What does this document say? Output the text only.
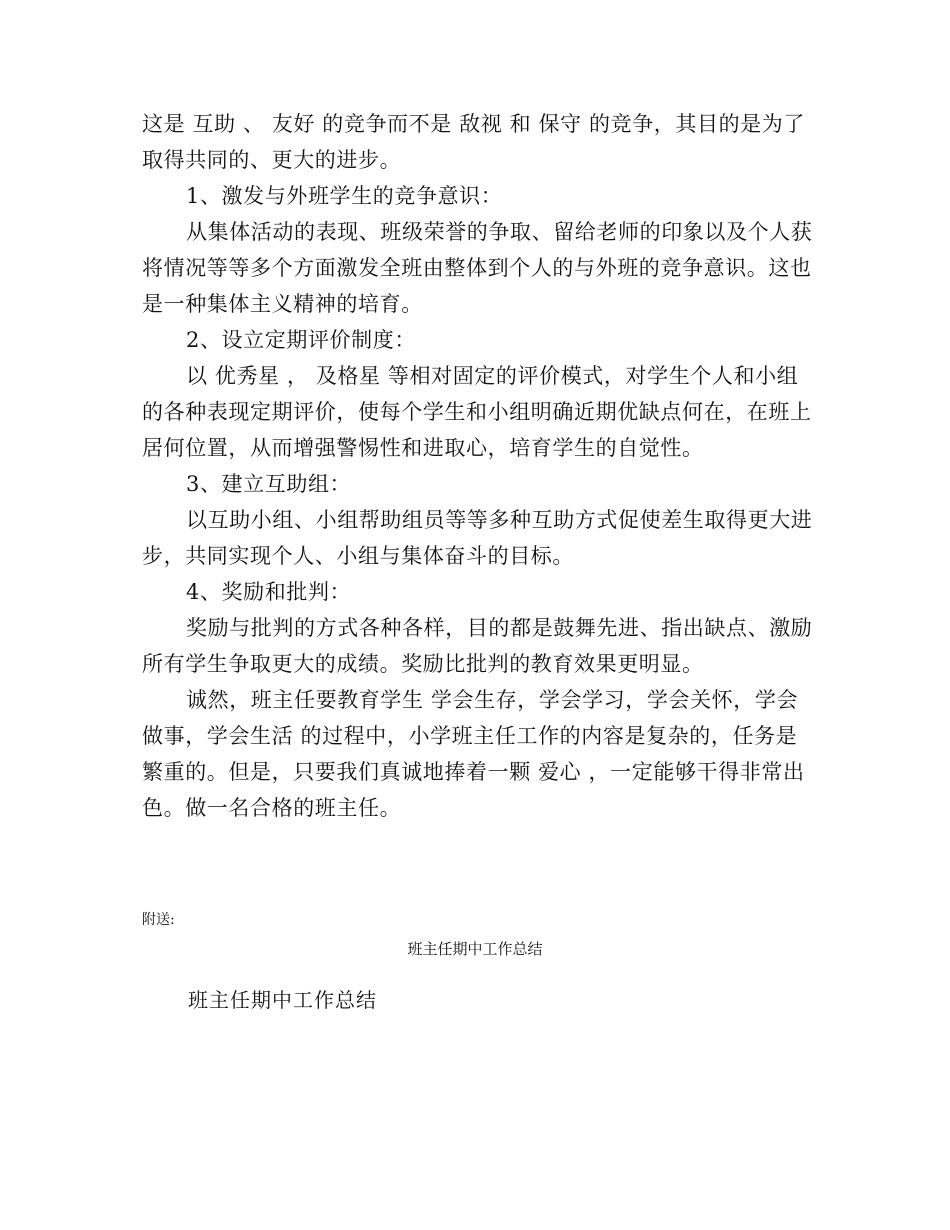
这是 互助 、 友好 的竞争而不是 敌视 和 保守 的竞争，其目的是为了取得共同的、更大的进步。

1、激发与外班学生的竞争意识：

从集体活动的表现、班级荣誉的争取、留给老师的印象以及个人获将情况等等多个方面激发全班由整体到个人的与外班的竞争意识。这也是一种集体主义精神的培育。

2、设立定期评价制度：

以 优秀星 ， 及格星 等相对固定的评价模式，对学生个人和小组的各种表现定期评价，使每个学生和小组明确近期优缺点何在，在班上居何位置，从而增强警惕性和进取心，培育学生的自觉性。

3、建立互助组：

以互助小组、小组帮助组员等等多种互助方式促使差生取得更大进步，共同实现个人、小组与集体奋斗的目标。

4、奖励和批判：

奖励与批判的方式各种各样，目的都是鼓舞先进、指出缺点、激励所有学生争取更大的成绩。奖励比批判的教育效果更明显。

诚然，班主任要教育学生 学会生存，学会学习，学会关怀，学会做事，学会生活 的过程中，小学班主任工作的内容是复杂的，任务是繁重的。但是，只要我们真诚地捧着一颗 爱心 ，一定能够干得非常出色。做一名合格的班主任。

附送:
班主任期中工作总结
班主任期中工作总结
